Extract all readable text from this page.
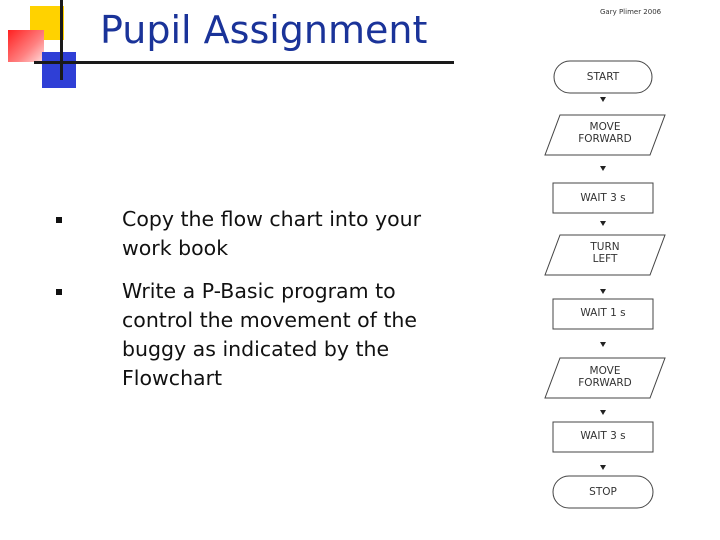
Pupil Assignment	Gary Plimer 2006
Copy the flow chart into your
work book
Write a P-Basic program to
control the movement of the
buggy as indicated by the
Flowchart
START
MOVE
FORWARD
WAIT 3 s
TURN
LEFT
WAIT 1 s
MOVE
FORWARD
WAIT 3 s
STOP
